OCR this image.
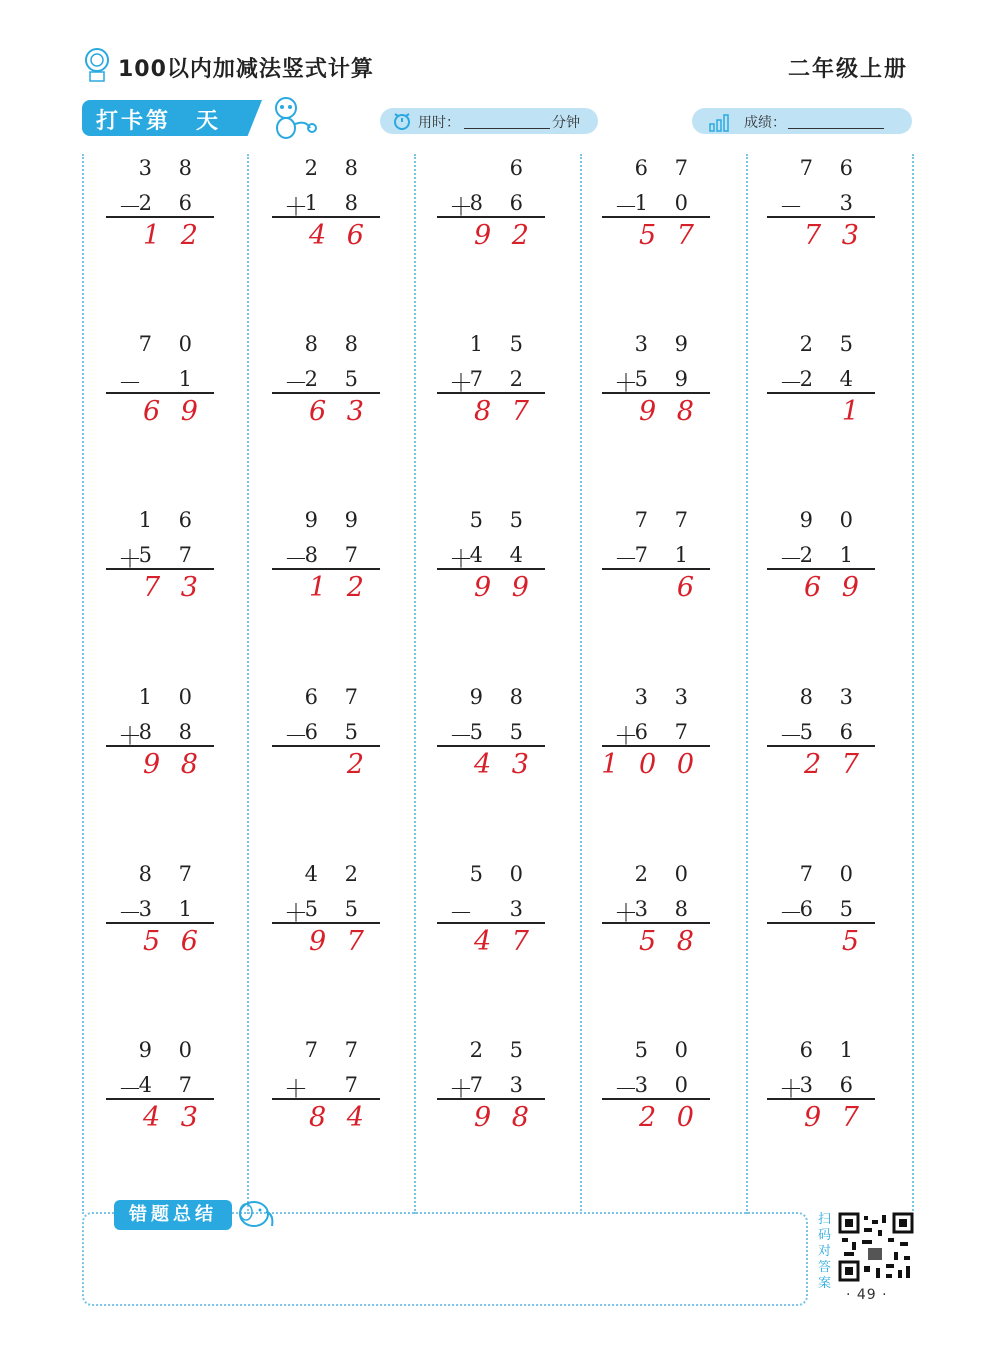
100以内加减法竖式计算	二年级上册
打卡第　天	用时：	分钟	成绩：
3 8
－
2 6
1 2
2 8
＋
1 8
4 6
6
＋
8 6
9 2
6 7
－
1 0
5 7
7 6
－ 3
7 3
7 0
－ 1
6 9
8 8
－
2 5
6 3
1 5
＋
7 2
8 7
3 9
＋
5 9
9 8
2 5
－
2 4
1
1 6
＋
5 7
7 3
9 9
－
8 7
1 2
5 5
＋
4 4
9 9
7 7
－
7 1
6
9 0
－
2 1
6 9
1 0
＋
8 8
9 8
6 7
－
6 5
2
9 8
－
5 5
4 3
3 3
＋
6 7
1 0 0
8 3
－
5 6
2 7
8 7
－
3 1
5 6
4 2
＋
5 5
9 7
5 0
－ 3
4 7
2 0
＋
3 8
5 8
7 0
－
6 5
5
9 0
－
4 7
4 3
7 7
＋ 7
8 4
2 5
＋
7 3
9 8
5 0
－
3 0
2 0
6 1
＋
3 6
9 7
错题总结	扫码对答案
· 49 ·
